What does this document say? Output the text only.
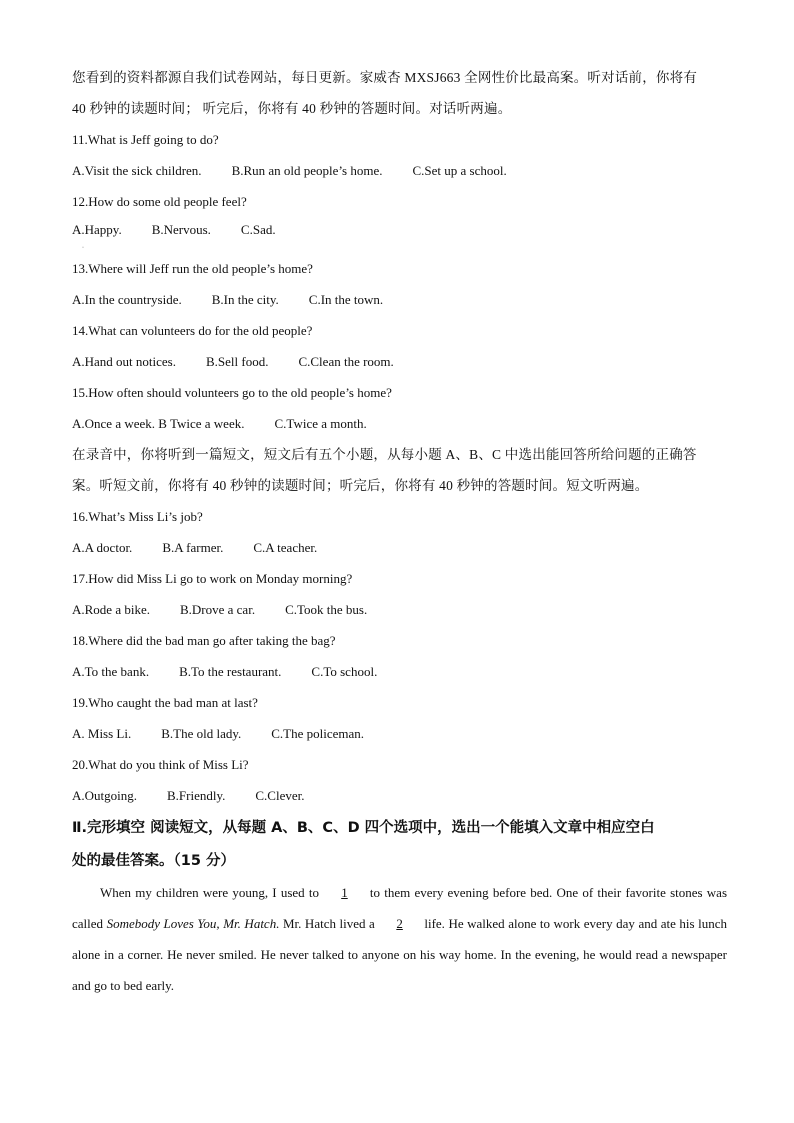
您看到的资料都源自我们试卷网站，每日更新。家威杏 MXSJ663 全网性价比最高案。听对话前，你将有
40 秒钟的读题时间； 听完后，你将有 40 秒钟的答题时间。对话听两遍。
11.What is Jeff going to do?
A.Visit the sick children. B.Run an old people’s home. C.Set up a school.
12.How do some old people feel?
A.Happy. B.Nervous. C.Sad.
·
13.Where will Jeff run the old people’s home?
A.In the countryside. B.In the city. C.In the town.
14.What can volunteers do for the old people?
A.Hand out notices. B.Sell food. C.Clean the room.
15.How often should volunteers go to the old people’s home?
A.Once a week. B Twice a week. C.Twice a month.
在录音中，你将听到一篇短文，短文后有五个小题，从每小题 A、B、C 中选出能回答所给问题的正确答
案。听短文前，你将有 40 秒钟的读题时间；听完后，你将有 40 秒钟的答题时间。短文听两遍。
16.What’s Miss Li’s job?
A.A doctor. B.A farmer. C.A teacher.
17.How did Miss Li go to work on Monday morning?
A.Rode a bike. B.Drove a car. C.Took the bus.
18.Where did the bad man go after taking the bag?
A.To the bank. B.To the restaurant. C.To school.
19.Who caught the bad man at last?
A. Miss Li. B.The old lady. C.The policeman.
20.What do you think of Miss Li?
A.Outgoing. B.Friendly. C.Clever.
Ⅱ.完形填空 阅读短文，从每题 A、B、C、D 四个选项中，选出一个能填入文章中相应空白
处的最佳答案。（15 分）
When my children were young, I used to 1 to them every evening before bed. One of their favorite stones was called Somebody Loves You, Mr. Hatch. Mr. Hatch lived a 2 life. He walked alone to work every day and ate his lunch alone in a corner. He never smiled. He never talked to anyone on his way home. In the evening, he would read a newspaper and go to bed early.
